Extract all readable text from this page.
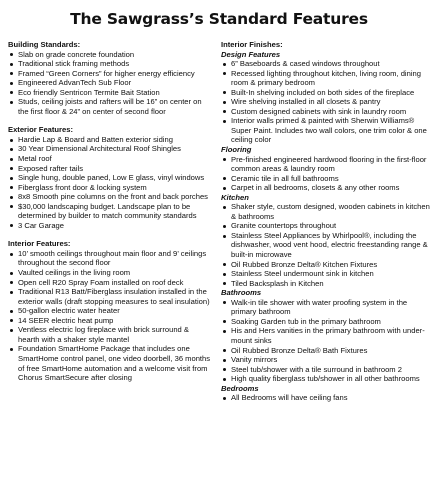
The Sawgrass’s Standard Features
Building Standards:
Slab on grade concrete foundation
Traditional stick framing methods
Framed “Green Corners” for higher energy efficiency
Engineered AdvanTech Sub Floor
Eco friendly Sentricon Termite Bait Station
Studs, ceiling joists and rafters will be 16” on center on the first floor & 24” on center of second floor
Exterior Features:
Hardie Lap & Board and Batten exterior siding
30 Year Dimensional Architectural Roof Shingles
Metal roof
Exposed rafter tails
Single hung, double paned, Low E glass, vinyl windows
Fiberglass front door & locking system
8x8 Smooth pine columns on the front and back porches
$30,000 landscaping budget. Landscape plan to be determined by builder to match community standards
3 Car Garage
Interior Features:
10’ smooth ceilings throughout main floor and 9’ ceilings throughout the second floor
Vaulted ceilings in the living room
Open cell R20 Spray Foam installed on roof deck
Traditional R13 Batt/Fiberglass insulation installed in the exterior walls (draft stopping measures to seal insulation)
50-gallon electric water heater
14 SEER electric heat pump
Ventless electric log fireplace with brick surround & hearth with a shaker style mantel
Foundation SmartHome Package that includes one SmartHome control panel, one video doorbell, 36 months of free SmartHome automation and a welcome visit from Chorus SmartSecure after closing
Interior Finishes:
Design Features
6” Baseboards & cased windows throughout
Recessed lighting throughout kitchen, living room, dining room & primary bedroom
Built-In shelving included on both sides of the fireplace
Wire shelving installed in all closets & pantry
Custom designed cabinets with sink in laundry room
Interior walls primed & painted with Sherwin Williams® Super Paint. Includes two wall colors, one trim color & one ceiling color
Flooring
Pre-finished engineered hardwood flooring in the first-floor common areas & laundry room
Ceramic tile in all full bathrooms
Carpet in all bedrooms, closets & any other rooms
Kitchen
Shaker style, custom designed, wooden cabinets in kitchen & bathrooms
Granite countertops throughout
Stainless Steel Appliances by Whirlpool®, including the dishwasher, wood vent hood, electric freestanding range & built-in microwave
Oil Rubbed Bronze Delta® Kitchen Fixtures
Stainless Steel undermount sink in kitchen
Tiled Backsplash in Kitchen
Bathrooms
Walk-in tile shower with water proofing system in the primary bathroom
Soaking Garden tub in the primary bathroom
His and Hers vanities in the primary bathroom with under-mount sinks
Oil Rubbed Bronze Delta® Bath Fixtures
Vanity mirrors
Steel tub/shower with a tile surround in bathroom 2
High quality fiberglass tub/shower in all other bathrooms
Bedrooms
All Bedrooms will have ceiling fans
